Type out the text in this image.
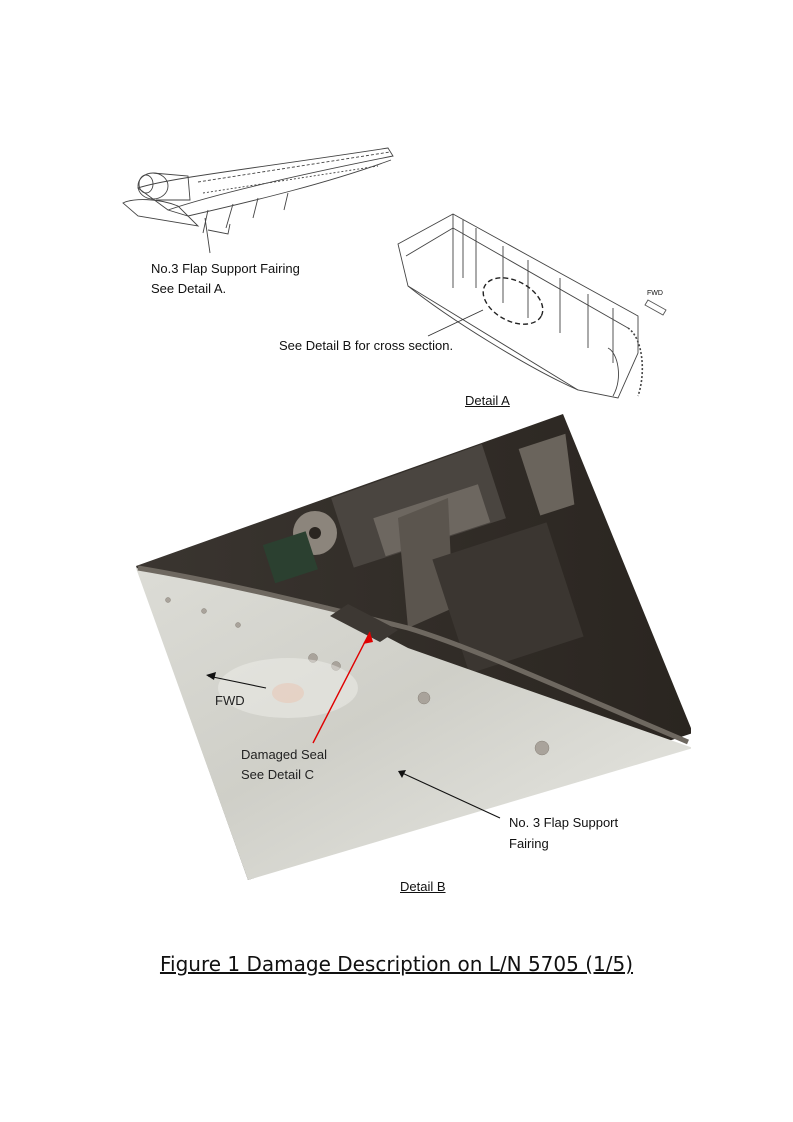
No.3 Flap Support Fairing
See Detail A.
See Detail B for cross section.
FWD
Detail A
FWD
Damaged Seal
See Detail C
No. 3 Flap Support
Fairing
Detail B
Figure 1 Damage Description on L/N 5705 (1/5)
